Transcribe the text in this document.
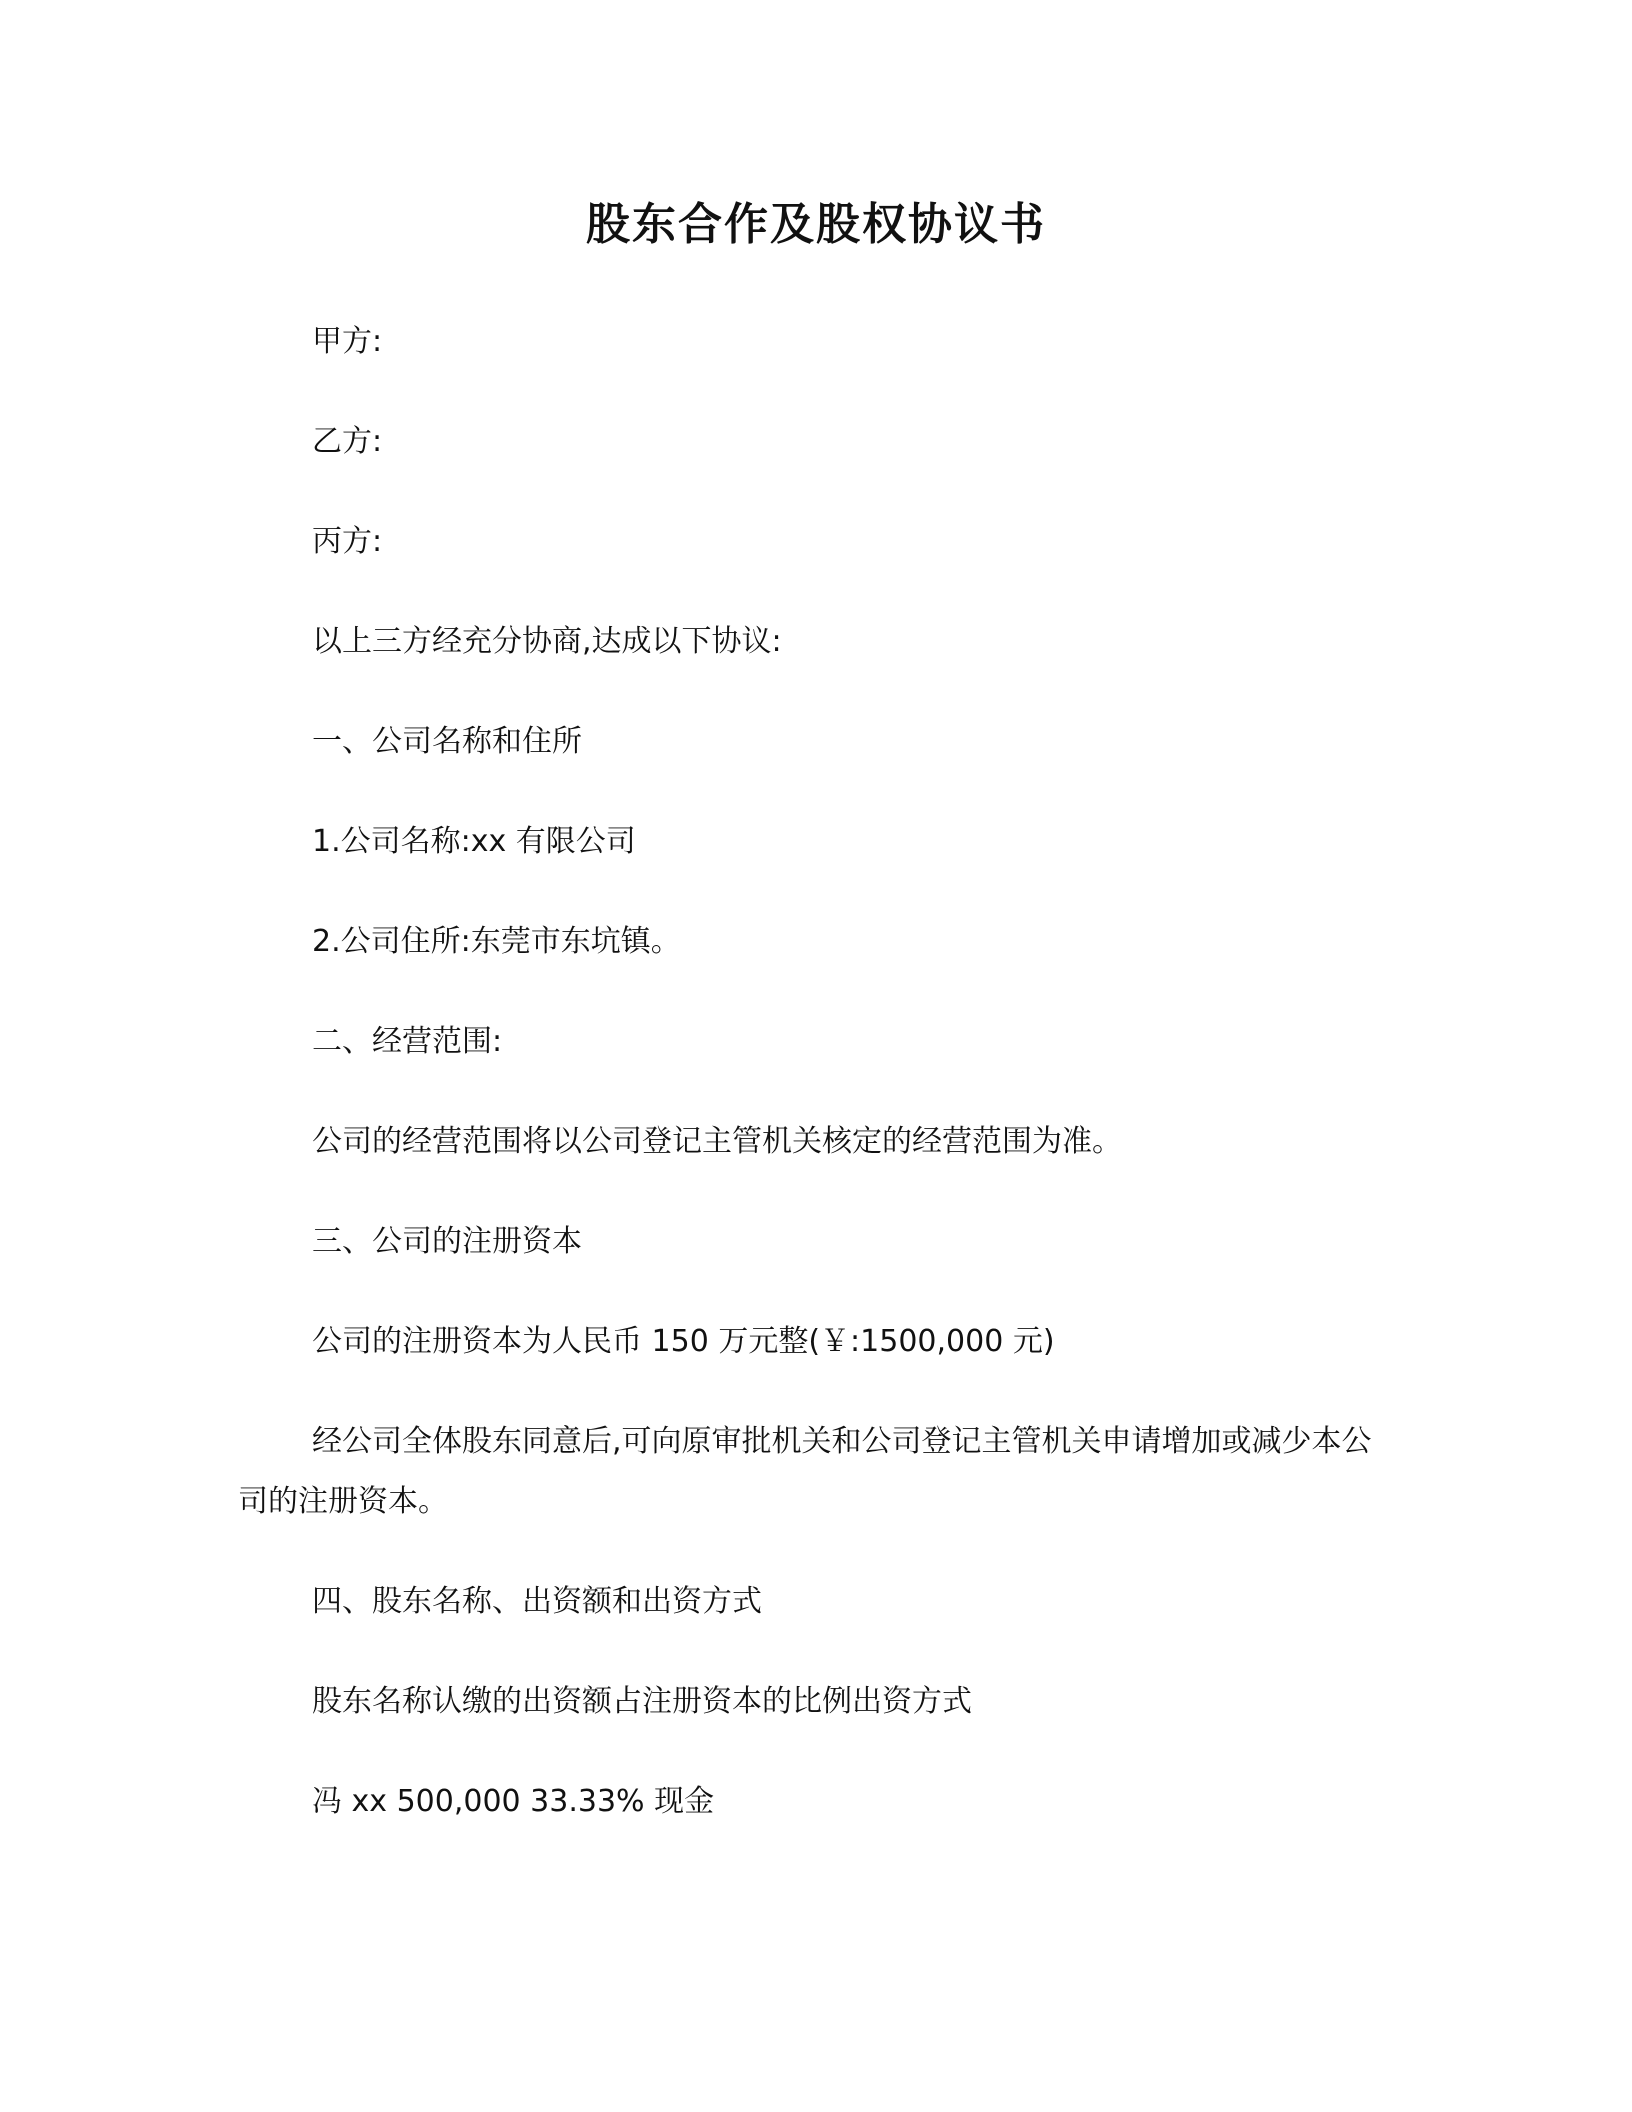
股东合作及股权协议书
甲方:
乙方:
丙方:
以上三方经充分协商,达成以下协议:
一、公司名称和住所
1.公司名称:xx 有限公司
2.公司住所:东莞市东坑镇。
二、经营范围:
公司的经营范围将以公司登记主管机关核定的经营范围为准。
三、公司的注册资本
公司的注册资本为人民币 150 万元整(￥:1500,000 元)
经公司全体股东同意后,可向原审批机关和公司登记主管机关申请增加或减少本公司的注册资本。
四、股东名称、出资额和出资方式
股东名称认缴的出资额占注册资本的比例出资方式
冯 xx 500,000 33.33% 现金
